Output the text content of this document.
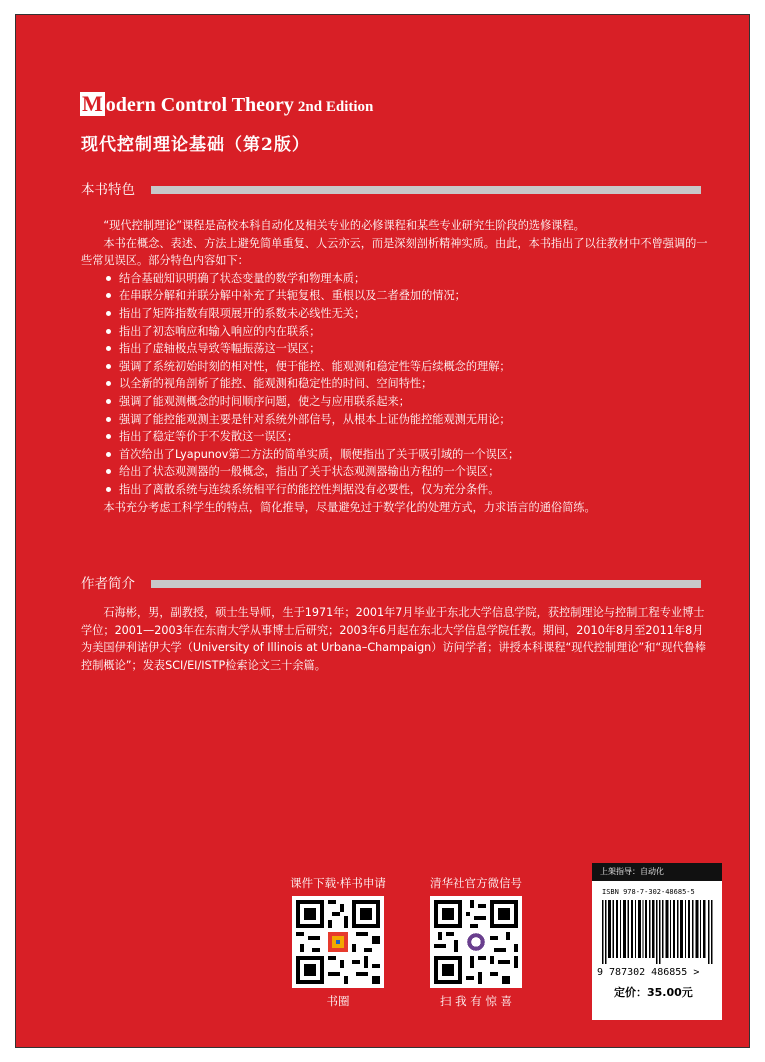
M odern Control Theory 2nd Edition
现代控制理论基础（第2版）
本书特色

“现代控制理论”课程是高校本科自动化及相关专业的必修课程和某些专业研究生阶段的选修课程。

本书在概念、表述、方法上避免简单重复、人云亦云，而是深刻剖析精神实质。由此，本书指出了以往教材中不曾强调的一些常见误区。部分特色内容如下：

结合基础知识明确了状态变量的数学和物理本质；
在串联分解和并联分解中补充了共轭复根、重根以及二者叠加的情况；
指出了矩阵指数有限项展开的系数未必线性无关；
指出了初态响应和输入响应的内在联系；
指出了虚轴极点导致等幅振荡这一误区；
强调了系统初始时刻的相对性，便于能控、能观测和稳定性等后续概念的理解；
以全新的视角剖析了能控、能观测和稳定性的时间、空间特性；
强调了能观测概念的时间顺序问题，使之与应用联系起来；
强调了能控能观测主要是针对系统外部信号，从根本上证伪能控能观测无用论；
指出了稳定等价于不发散这一误区；
首次给出了Lyapunov第二方法的简单实质，顺便指出了关于吸引域的一个误区；
给出了状态观测器的一般概念，指出了关于状态观测器输出方程的一个误区；
指出了离散系统与连续系统相平行的能控性判据没有必要性，仅为充分条件。

本书充分考虑工科学生的特点，简化推导，尽量避免过于数学化的处理方式，力求语言的通俗简练。

作者简介

石海彬，男，副教授，硕士生导师，生于1971年；2001年7月毕业于东北大学信息学院，获控制理论与控制工程专业博士学位；2001—2003年在东南大学从事博士后研究；2003年6月起在东北大学信息学院任教。期间，2010年8月至2011年8月为美国伊利诺伊大学（University of Illinois at Urbana–Champaign）访问学者；讲授本科课程“现代控制理论”和“现代鲁棒控制概论”；发表SCI/EI/ISTP检索论文三十余篇。

课件下载·样书申请
书圈
清华社官方微信号
扫 我 有 惊 喜
上架指导：自动化
ISBN 978-7-302-48685-5
9 787302 486855 >
定价：35.00元
